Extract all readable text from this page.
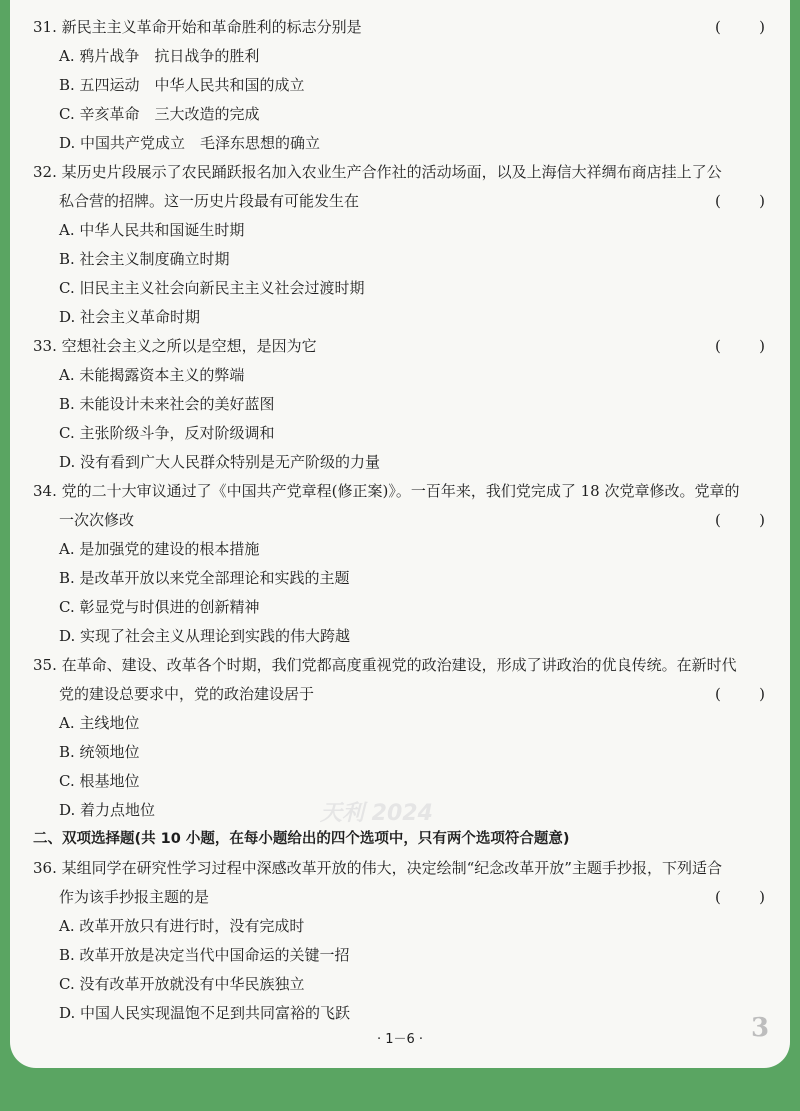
31. 新民主主义革命开始和革命胜利的标志分别是	(	)
A. 鸦片战争　抗日战争的胜利
B. 五四运动　中华人民共和国的成立
C. 辛亥革命　三大改造的完成
D. 中国共产党成立　毛泽东思想的确立
32. 某历史片段展示了农民踊跃报名加入农业生产合作社的活动场面，以及上海信大祥绸布商店挂上了公
私合营的招牌。这一历史片段最有可能发生在	(	)
A. 中华人民共和国诞生时期
B. 社会主义制度确立时期
C. 旧民主主义社会向新民主主义社会过渡时期
D. 社会主义革命时期
33. 空想社会主义之所以是空想，是因为它	(	)
A. 未能揭露资本主义的弊端
B. 未能设计未来社会的美好蓝图
C. 主张阶级斗争，反对阶级调和
D. 没有看到广大人民群众特别是无产阶级的力量
34. 党的二十大审议通过了《中国共产党章程(修正案)》。一百年来，我们党完成了 18 次党章修改。党章的
一次次修改	(	)
A. 是加强党的建设的根本措施
B. 是改革开放以来党全部理论和实践的主题
C. 彰显党与时俱进的创新精神
D. 实现了社会主义从理论到实践的伟大跨越
35. 在革命、建设、改革各个时期，我们党都高度重视党的政治建设，形成了讲政治的优良传统。在新时代
党的建设总要求中，党的政治建设居于	(	)
A. 主线地位
B. 统领地位
C. 根基地位
D. 着力点地位	天利 2024
二、双项选择题(共 10 小题，在每小题给出的四个选项中，只有两个选项符合题意)
36. 某组同学在研究性学习过程中深感改革开放的伟大，决定绘制“纪念改革开放”主题手抄报，下列适合
作为该手抄报主题的是	(	)
A. 改革开放只有进行时，没有完成时
B. 改革开放是决定当代中国命运的关键一招
C. 没有改革开放就没有中华民族独立
D. 中国人民实现温饱不足到共同富裕的飞跃
· 1－6 ·	3
